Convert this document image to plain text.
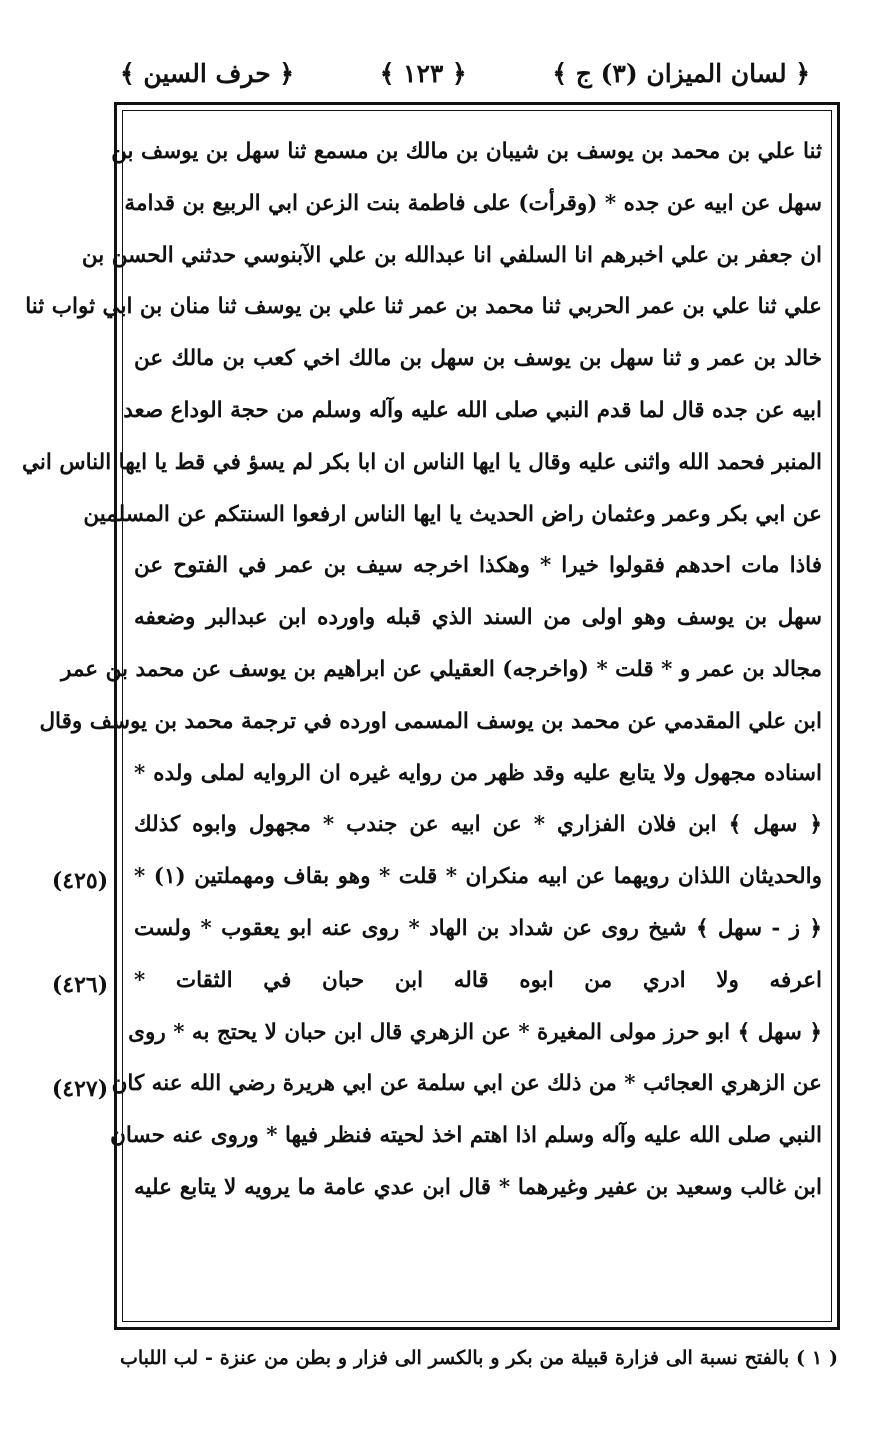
﴿ حرف السين ﴾	﴿ ١٢٣ ﴾	﴿ لسان الميزان (٣) ج ﴾
ثنا علي بن محمد بن يوسف بن شيبان بن مالك بن مسمع ثنا سهل بن يوسف بن
سهل عن ابيه عن جده * (وقرأت) على فاطمة بنت الزعن ابي الربيع بن قدامة
ان جعفر بن علي اخبرهم انا السلفي انا عبدالله بن علي الآبنوسي حدثني الحسن بن
علي ثنا علي بن عمر الحربي ثنا محمد بن عمر ثنا علي بن يوسف ثنا منان بن ابي ثواب ثنا
خالد بن عمر و ثنا سهل بن يوسف بن سهل بن مالك اخي كعب بن مالك عن
ابيه عن جده قال لما قدم النبي صلى الله عليه وآله وسلم من حجة الوداع صعد
المنبر فحمد الله واثنى عليه وقال يا ايها الناس ان ابا بكر لم يسؤ في قط يا ايها الناس اني
عن ابي بكر وعمر وعثمان راض الحديث يا ايها الناس ارفعوا السنتكم عن المسلمين
فاذا مات احدهم فقولوا خيرا * وهكذا اخرجه سيف بن عمر في الفتوح عن
سهل بن يوسف وهو اولى من السند الذي قبله واورده ابن عبدالبر وضعفه
مجالد بن عمر و * قلت * (واخرجه) العقيلي عن ابراهيم بن يوسف عن محمد بن عمر
ابن علي المقدمي عن محمد بن يوسف المسمى اورده في ترجمة محمد بن يوسف وقال
اسناده مجهول ولا يتابع عليه وقد ظهر من روايه غيره ان الروايه لملى ولده *
﴿ سهل ﴾ ابن فلان الفزاري * عن ابيه عن جندب * مجهول وابوه كذلك
والحديثان اللذان رويهما عن ابيه منكران * قلت * وهو بقاف ومهملتين (١) *
﴿ ز - سهل ﴾ شيخ روى عن شداد بن الهاد * روى عنه ابو يعقوب * ولست
اعرفه ولا ادري من ابوه قاله ابن حبان في الثقات *
﴿ سهل ﴾ ابو حرز مولى المغيرة * عن الزهري قال ابن حبان لا يحتج به * روى
عن الزهري العجائب * من ذلك عن ابي سلمة عن ابي هريرة رضي الله عنه كان
النبي صلى الله عليه وآله وسلم اذا اهتم اخذ لحيته فنظر فيها * وروى عنه حسان
ابن غالب وسعيد بن عفير وغيرهما * قال ابن عدي عامة ما يرويه لا يتابع عليه
(٤٢٥)
(٤٢٦)
(٤٢٧)
( ١ ) بالفتح نسبة الى فزارة قبيلة من بكر و بالكسر الى فزار و بطن من عنزة - لب اللباب
